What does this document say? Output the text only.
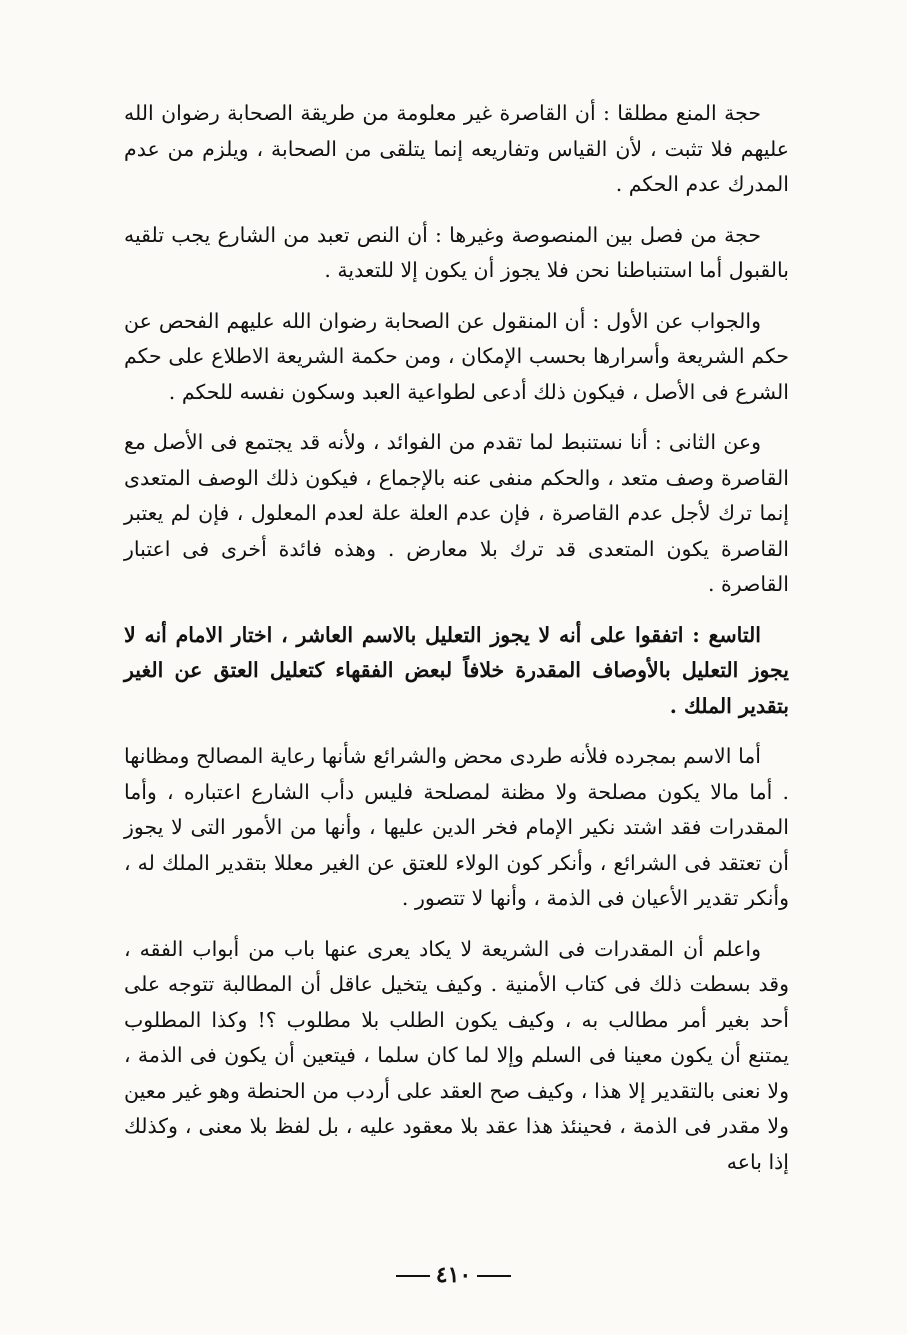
حجة المنع مطلقا : أن القاصرة غير معلومة من طريقة الصحابة رضوان الله عليهم فلا تثبت ، لأن القياس وتفاريعه إنما يتلقى من الصحابة ، ويلزم من عدم المدرك عدم الحكم .

حجة من فصل بين المنصوصة وغيرها : أن النص تعبد من الشارع يجب تلقيه بالقبول أما استنباطنا نحن فلا يجوز أن يكون إلا للتعدية .

والجواب عن الأول : أن المنقول عن الصحابة رضوان الله عليهم الفحص عن حكم الشريعة وأسرارها بحسب الإمكان ، ومن حكمة الشريعة الاطلاع على حكم الشرع فى الأصل ، فيكون ذلك أدعى لطواعية العبد وسكون نفسه للحكم .

وعن الثانى : أنا نستنبط لما تقدم من الفوائد ، ولأنه قد يجتمع فى الأصل مع القاصرة وصف متعد ، والحكم منفى عنه بالإجماع ، فيكون ذلك الوصف المتعدى إنما ترك لأجل عدم القاصرة ، فإن عدم العلة علة لعدم المعلول ، فإن لم يعتبر القاصرة يكون المتعدى قد ترك بلا معارض . وهذه فائدة أخرى فى اعتبار القاصرة .

التاسع : اتفقوا على أنه لا يجوز التعليل بالاسم العاشر ، اختار الامام أنه لا يجوز التعليل بالأوصاف المقدرة خلافاً لبعض الفقهاء كتعليل العتق عن الغير بتقدير الملك .

أما الاسم بمجرده فلأنه طردى محض والشرائع شأنها رعاية المصالح ومظانها . أما مالا يكون مصلحة ولا مظنة لمصلحة فليس دأب الشارع اعتباره ، وأما المقدرات فقد اشتد نكير الإمام فخر الدين عليها ، وأنها من الأمور التى لا يجوز أن تعتقد فى الشرائع ، وأنكر كون الولاء للعتق عن الغير معللا بتقدير الملك له ، وأنكر تقدير الأعيان فى الذمة ، وأنها لا تتصور .

واعلم أن المقدرات فى الشريعة لا يكاد يعرى عنها باب من أبواب الفقه ، وقد بسطت ذلك فى كتاب الأمنية . وكيف يتخيل عاقل أن المطالبة تتوجه على أحد بغير أمر مطالب به ، وكيف يكون الطلب بلا مطلوب ؟! وكذا المطلوب يمتنع أن يكون معينا فى السلم وإلا لما كان سلما ، فيتعين أن يكون فى الذمة ، ولا نعنى بالتقدير إلا هذا ، وكيف صح العقد على أردب من الحنطة وهو غير معين ولا مقدر فى الذمة ، فحينئذ هذا عقد بلا معقود عليه ، بل لفظ بلا معنى ، وكذلك إذا باعه

٤١٠
